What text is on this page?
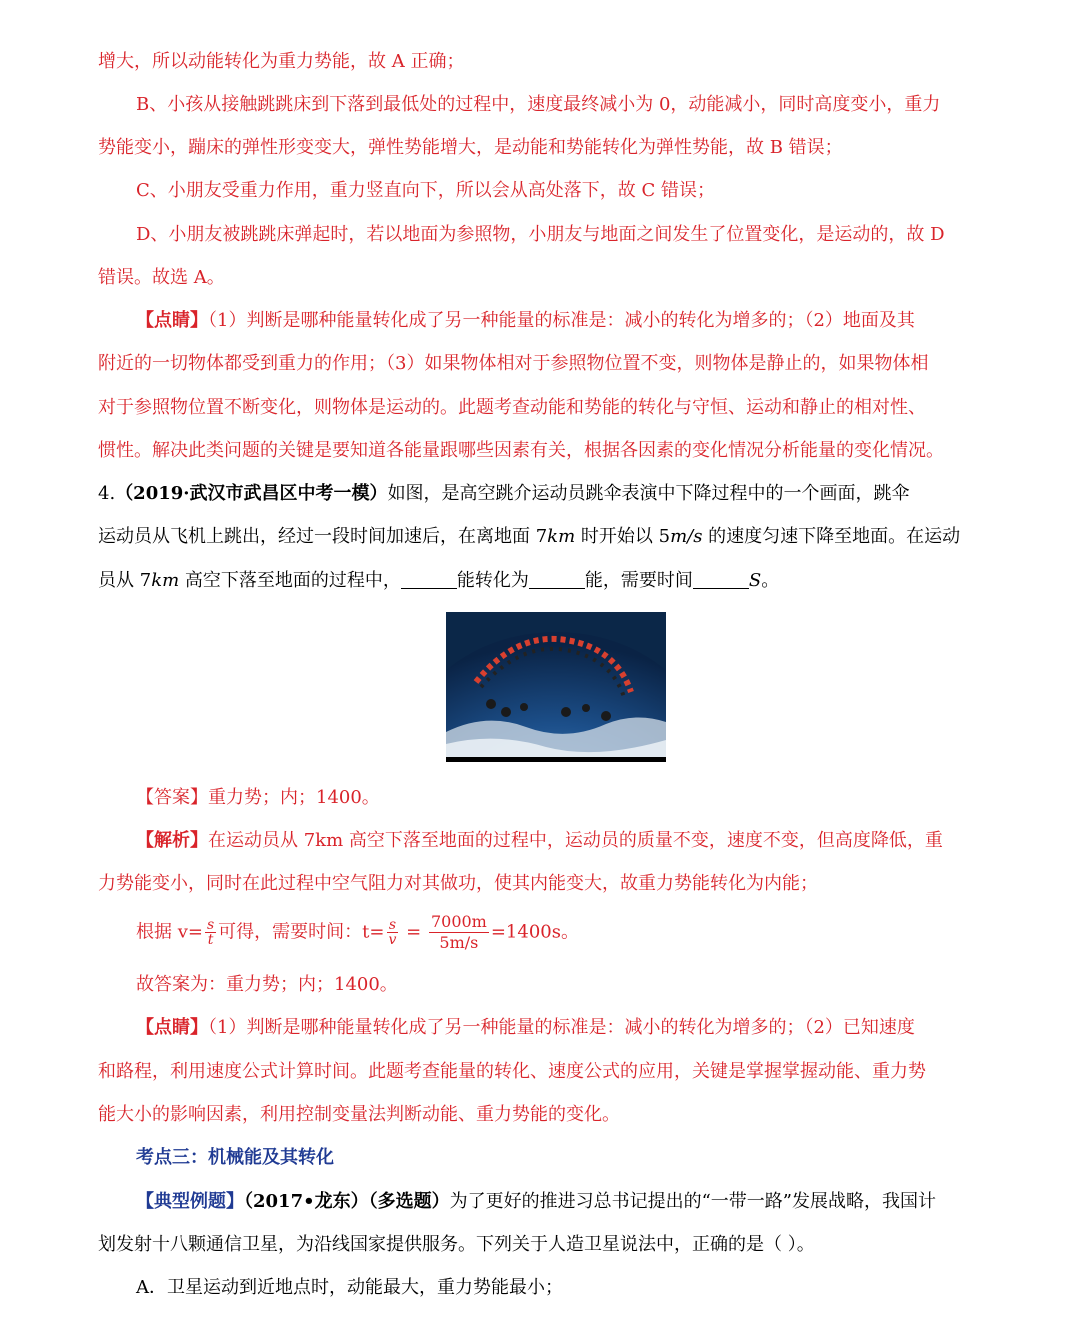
增大，所以动能转化为重力势能，故 A 正确；
B、小孩从接触跳跳床到下落到最低处的过程中，速度最终减小为 0，动能减小，同时高度变小，重力
势能变小，蹦床的弹性形变变大，弹性势能增大，是动能和势能转化为弹性势能，故 B 错误；
C、小朋友受重力作用，重力竖直向下，所以会从高处落下，故 C 错误；
D、小朋友被跳跳床弹起时，若以地面为参照物，小朋友与地面之间发生了位置变化，是运动的，故 D
错误。故选 A。
【点睛】（1）判断是哪种能量转化成了另一种能量的标准是：减小的转化为增多的；（2）地面及其
附近的一切物体都受到重力的作用；（3）如果物体相对于参照物位置不变，则物体是静止的，如果物体相
对于参照物位置不断变化，则物体是运动的。此题考查动能和势能的转化与守恒、运动和静止的相对性、
惯性。解决此类问题的关键是要知道各能量跟哪些因素有关，根据各因素的变化情况分析能量的变化情况。
4.（2019·武汉市武昌区中考一模）如图，是高空跳介运动员跳伞表演中下降过程中的一个画面，跳伞
运动员从飞机上跳出，经过一段时间加速后，在离地面 7km 时开始以 5m/s 的速度匀速下降至地面。在运动
员从 7km 高空下落至地面的过程中，	能转化为	能，需要时间	S。
【答案】重力势；内；1400。
【解析】在运动员从 7km 高空下落至地面的过程中，运动员的质量不变，速度不变，但高度降低，重
力势能变小，同时在此过程中空气阻力对其做功，使其内能变大，故重力势能转化为内能；
根据 $v= \frac{s}{t}$ 可得，需要时间：$t= \frac{s}{v} = \frac{7000m}{5m/s} =1400s$。
故答案为：重力势；内；1400。
【点睛】（1）判断是哪种能量转化成了另一种能量的标准是：减小的转化为增多的；（2）已知速度
和路程，利用速度公式计算时间。此题考查能量的转化、速度公式的应用，关键是掌握掌握动能、重力势
能大小的影响因素，利用控制变量法判断动能、重力势能的变化。
考点三：机械能及其转化
【典型例题】（2017•龙东）（多选题）为了更好的推进习总书记提出的“一带一路”发展战略，我国计
划发射十八颗通信卫星，为沿线国家提供服务。下列关于人造卫星说法中，正确的是（ ）。
A．卫星运动到近地点时，动能最大，重力势能最小；
